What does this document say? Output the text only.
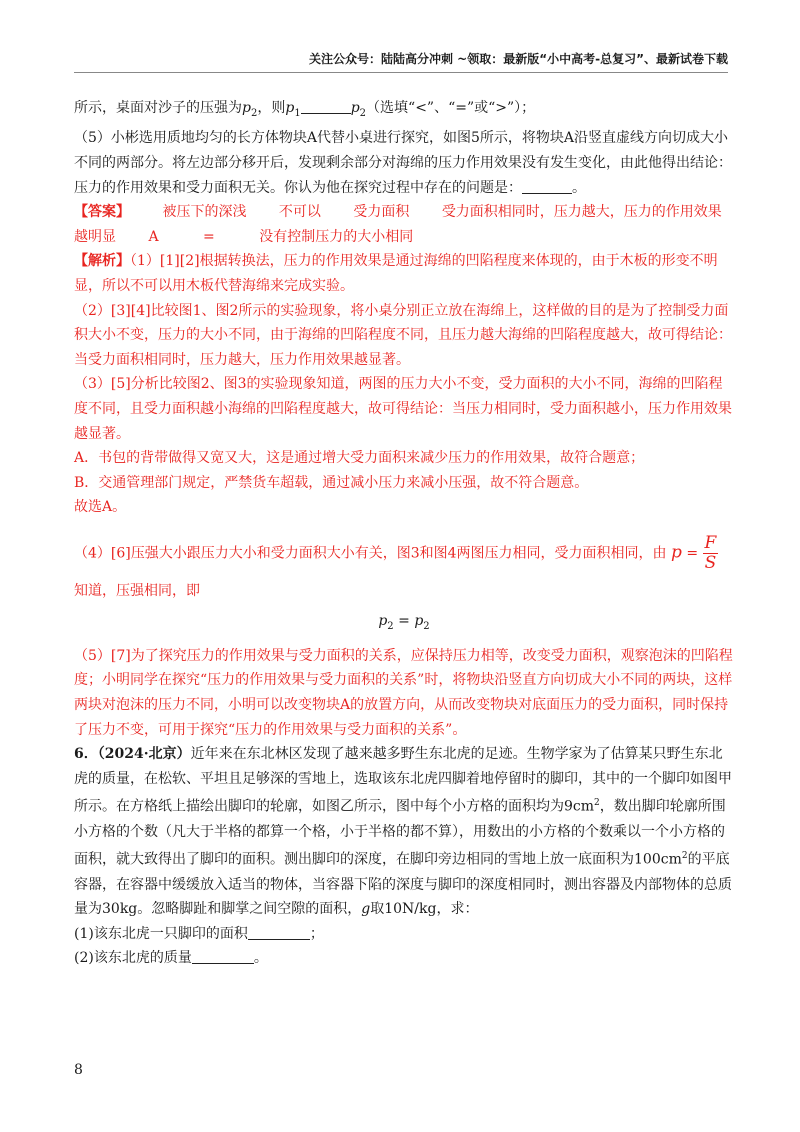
关注公众号：陆陆高分冲刺 ~领取：最新版“小中高考-总复习”、最新试卷下载

所示，桌面对沙子的压强为$p_2$，则$p_1$	$p_2$（选填“<”、“=”或“>”）；

（5）小彬选用质地均匀的长方体物块A代替小桌进行探究，如图5所示，将物块A沿竖直虚线方向切成大小不同的两部分。将左边部分移开后，发现剩余部分对海绵的压力作用效果没有发生变化，由此他得出结论：压力的作用效果和受力面积无关。你认为他在探究过程中存在的问题是：	。

【答案】 被压下的深浅 不可以 受力面积 受力面积相同时，压力越大，压力的作用效果越明显 A	=	没有控制压力的大小相同

【解析】（1）[1][2]根据转换法，压力的作用效果是通过海绵的凹陷程度来体现的，由于木板的形变不明显，所以不可以用木板代替海绵来完成实验。

（2）[3][4]比较图1、图2所示的实验现象，将小桌分别正立放在海绵上，这样做的目的是为了控制受力面积大小不变，压力的大小不同，由于海绵的凹陷程度不同，且压力越大海绵的凹陷程度越大，故可得结论：当受力面积相同时，压力越大，压力作用效果越显著。

（3）[5]分析比较图2、图3的实验现象知道，两图的压力大小不变，受力面积的大小不同，海绵的凹陷程度不同，且受力面积越小海绵的凹陷程度越大，故可得结论：当压力相同时，受力面积越小，压力作用效果越显著。

A．书包的背带做得又宽又大，这是通过增大受力面积来减少压力的作用效果，故符合题意；

B．交通管理部门规定，严禁货车超载，通过减小压力来减小压强，故不符合题意。

故选A。

（4）[6]压强大小跟压力大小和受力面积大小有关，图3和图4两图压力相同，受力面积相同，由 $p = \frac{F}{S}$

知道，压强相同，即

$p_2 = p_2$

（5）[7]为了探究压力的作用效果与受力面积的关系，应保持压力相等，改变受力面积，观察泡沫的凹陷程度；小明同学在探究“压力的作用效果与受力面积的关系”时，将物块沿竖直方向切成大小不同的两块，这样两块对泡沫的压力不同，小明可以改变物块A的放置方向，从而改变物块对底面压力的受力面积，同时保持了压力不变，可用于探究“压力的作用效果与受力面积的关系”。

6．（2024·北京）近年来在东北林区发现了越来越多野生东北虎的足迹。生物学家为了估算某只野生东北虎的质量，在松软、平坦且足够深的雪地上，选取该东北虎四脚着地停留时的脚印，其中的一个脚印如图甲所示。在方格纸上描绘出脚印的轮廓，如图乙所示，图中每个小方格的面积均为$9cm^2$，数出脚印轮廓所围小方格的个数（凡大于半格的都算一个格，小于半格的都不算），用数出的小方格的个数乘以一个小方格的面积，就大致得出了脚印的面积。测出脚印的深度，在脚印旁边相同的雪地上放一底面积为$100cm^2$的平底容器，在容器中缓缓放入适当的物体，当容器下陷的深度与脚印的深度相同时，测出容器及内部物体的总质量为30kg。忽略脚趾和脚掌之间空隙的面积，g取10N/kg，求：

(1)该东北虎一只脚印的面积	；

(2)该东北虎的质量	。

8
